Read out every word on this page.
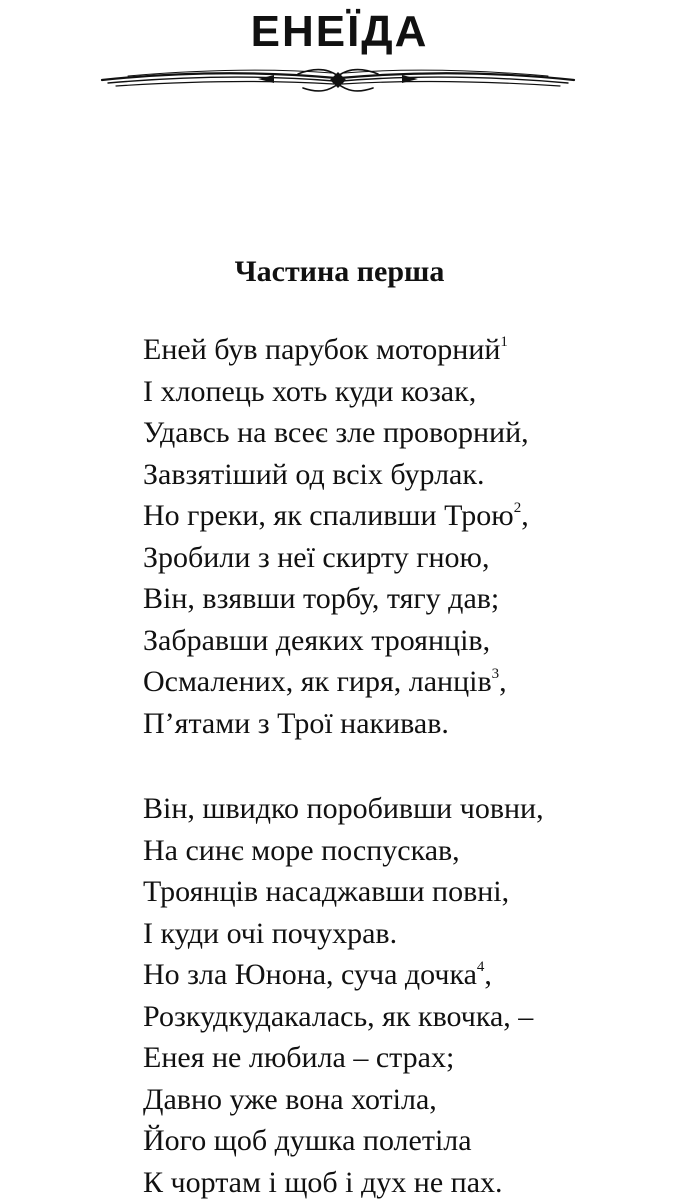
ЕНЕЇДА
Частина перша
Еней був парубок моторний$^1$
І хлопець хоть куди козак,
Удавсь на всеє зле проворний,
Завзятіший од всіх бурлак.
Но греки, як спаливши Трою$^2$,
Зробили з неї скирту гною,
Він, взявши торбу, тягу дав;
Забравши деяких троянців,
Осмалених, як гиря, ланців$^3$,
П’ятами з Трої накивав.
Він, швидко поробивши човни,
На синє море поспускав,
Троянців насаджавши повні,
І куди очі почухрав.
Но зла Юнона, суча дочка$^4$,
Розкудкудакалась, як квочка, –
Енея не любила – страх;
Давно уже вона хотіла,
Його щоб душка полетіла
К чортам і щоб і дух не пах.
